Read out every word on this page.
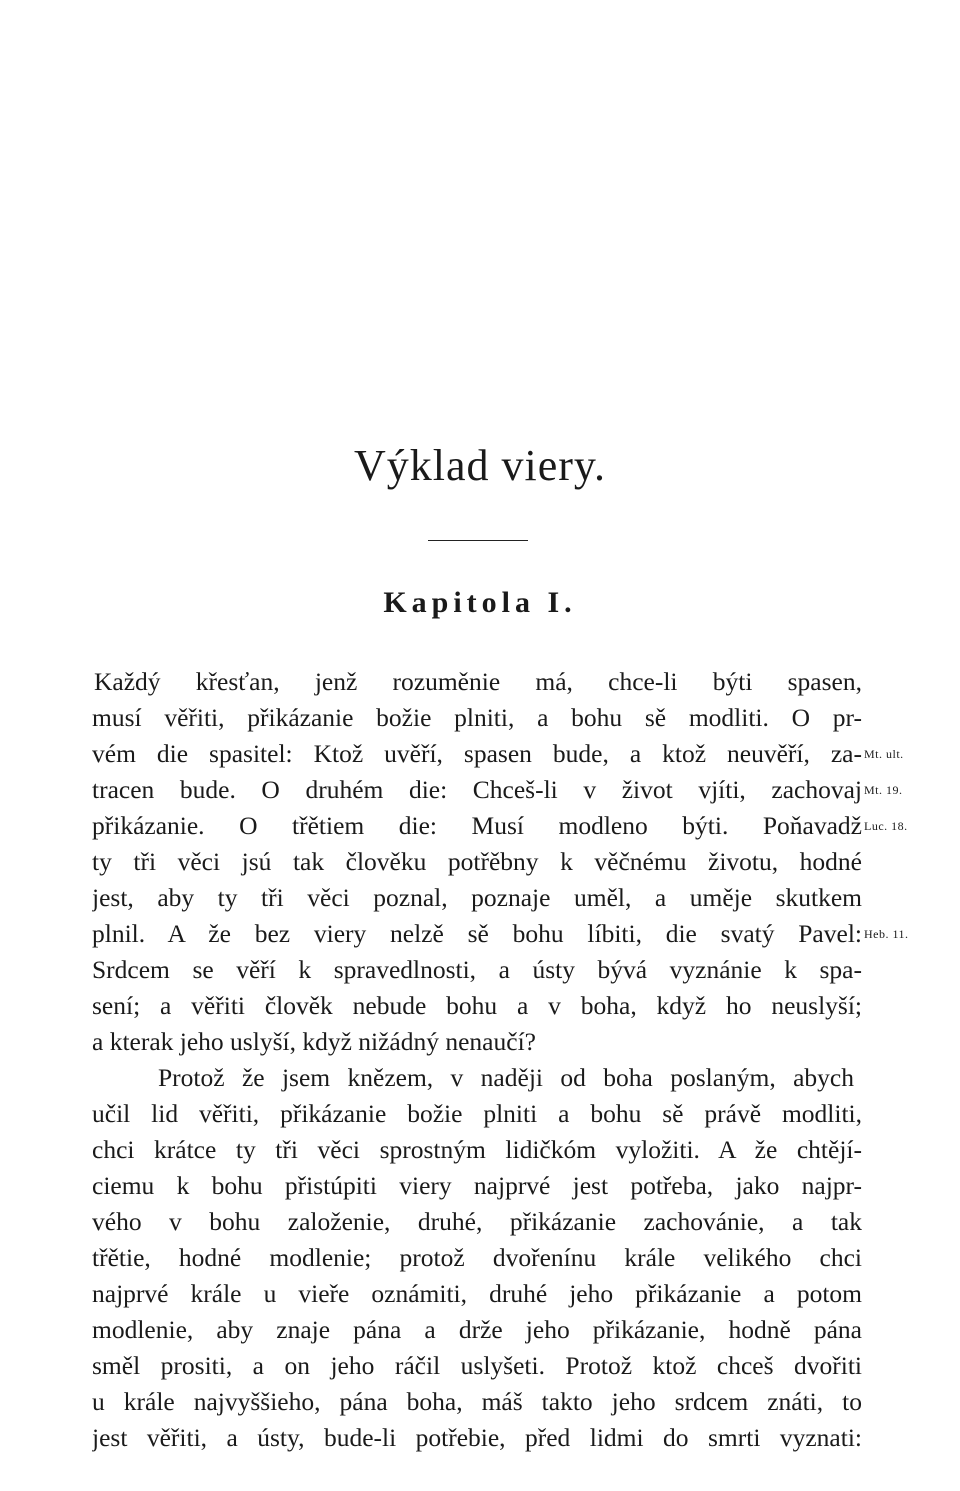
Výklad viery.
Kapitola I.
Každý křesťan, jenž rozuměnie má, chce-li býti spasen,
musí věřiti, přikázanie božie plniti, a bohu sě modliti. O pr-
vém die spasitel: Ktož uvěří, spasen bude, a ktož neuvěří, za-
tracen bude. O druhém die: Chceš-li v život vjíti, zachovaj
přikázanie. O třětiem die: Musí modleno býti. Poňavadž
ty tři věci jsú tak člověku potřěbny k věčnému životu, hodné
jest, aby ty tři věci poznal, poznaje uměl, a uměje skutkem
plnil. A že bez viery nelzě sě bohu líbiti, die svatý Pavel:
Srdcem se věří k spravedlnosti, a ústy bývá vyznánie k spa-
sení; a věřiti člověk nebude bohu a v boha, když ho neuslyší;
a kterak jeho uslyší, když nižádný nenaučí?
Protož že jsem knězem, v naději od boha poslaným, abych
učil lid věřiti, přikázanie božie plniti a bohu sě právě modliti,
chci krátce ty tři věci sprostným lidičkóm vyložiti. A že chtějí-
ciemu k bohu přistúpiti viery najprvé jest potřeba, jako najpr-
vého v bohu založenie, druhé, přikázanie zachovánie, a tak
třětie, hodné modlenie; protož dvořenínu krále velikého chci
najprvé krále u vieře oznámiti, druhé jeho přikázanie a potom
modlenie, aby znaje pána a drže jeho přikázanie, hodně pána
směl prositi, a on jeho ráčil uslyšeti. Protož ktož chceš dvořiti
u krále najvyššieho, pána boha, máš takto jeho srdcem znáti, to
jest věřiti, a ústy, bude-li potřebie, před lidmi do smrti vyznati:
Mt. ult.
Mt. 19.
Luc. 18.
Heb. 11.
